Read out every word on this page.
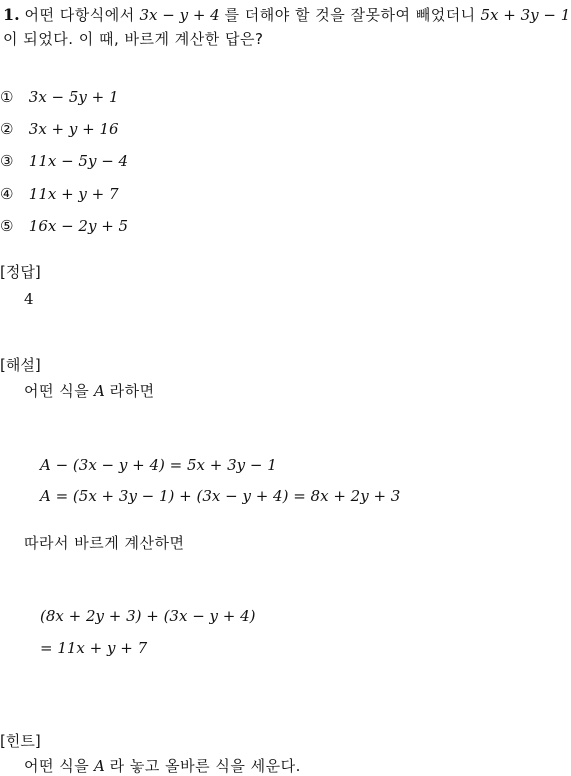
1. 어떤 다항식에서 3x − y + 4 를 더해야 할 것을 잘못하여 빼었더니 5x + 3y − 1
이 되었다. 이 때, 바르게 계산한 답은?
① 3x − 5y + 1
② 3x + y + 16
③ 11x − 5y − 4
④ 11x + y + 7
⑤ 16x − 2y + 5
[정답]
4
[해설]
어떤 식을 A 라하면
A − (3x − y + 4) = 5x + 3y − 1
A = (5x + 3y − 1) + (3x − y + 4) = 8x + 2y + 3
따라서 바르게 계산하면
(8x + 2y + 3) + (3x − y + 4)
= 11x + y + 7
[힌트]
어떤 식을 A 라 놓고 올바른 식을 세운다.
